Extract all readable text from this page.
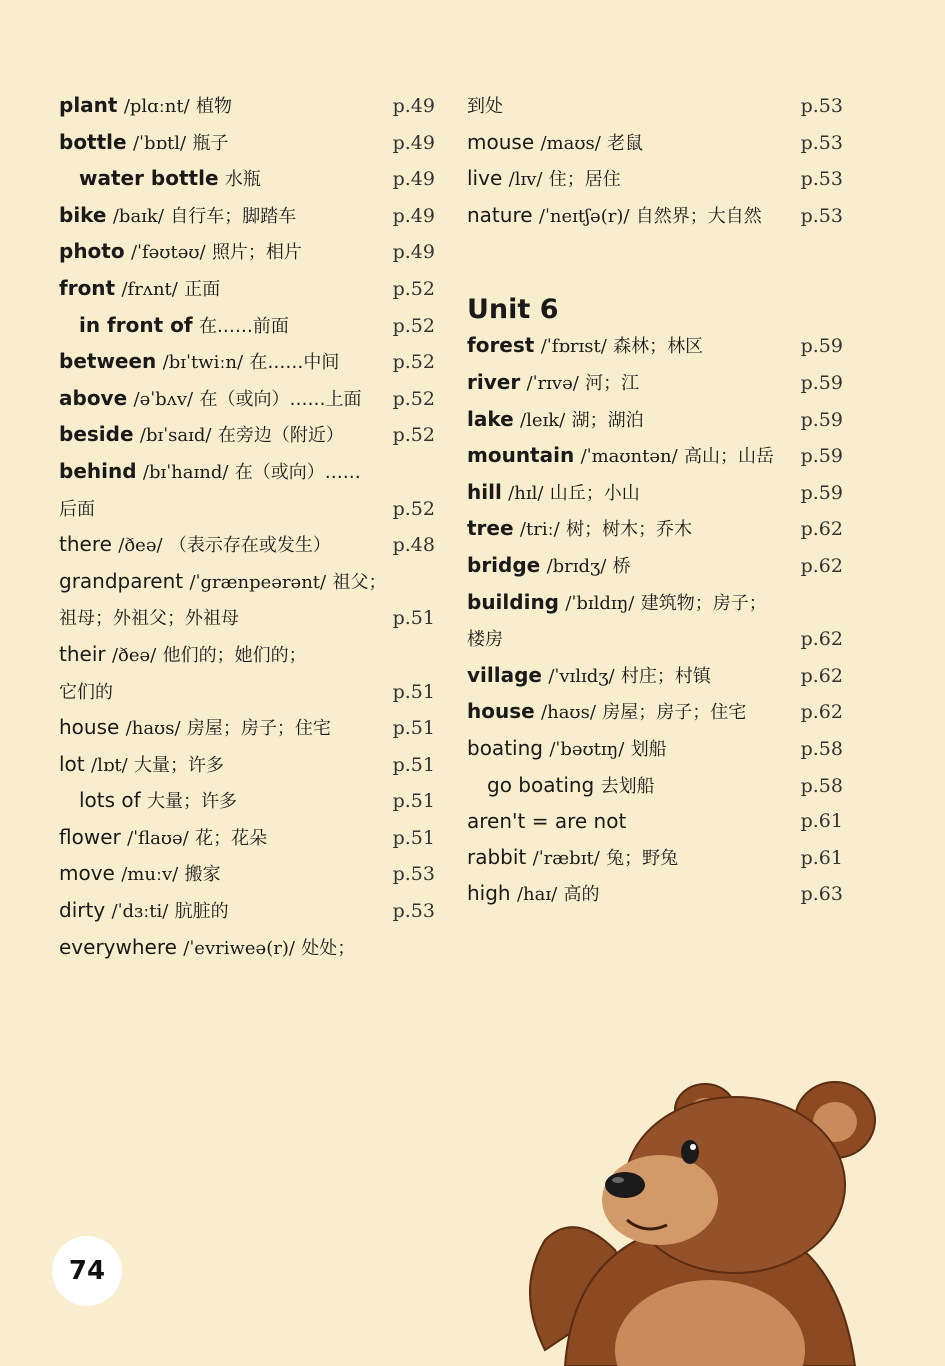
plant /plɑːnt/ 植物	p.49
bottle /ˈbɒtl/ 瓶子	p.49
water bottle 水瓶	p.49
bike /baɪk/ 自行车；脚踏车	p.49
photo /ˈfəʊtəʊ/ 照片；相片	p.49
front /frʌnt/ 正面	p.52
in front of 在……前面	p.52
between /bɪˈtwiːn/ 在……中间	p.52
above /əˈbʌv/ 在（或向）……上面	p.52
beside /bɪˈsaɪd/ 在旁边（附近）	p.52
behind /bɪˈhaɪnd/ 在（或向）……
后面	p.52
there /ðeə/ （表示存在或发生）	p.48
grandparent /ˈgrænpeərənt/ 祖父；
祖母；外祖父；外祖母	p.51
their /ðeə/ 他们的；她们的；
它们的	p.51
house /haʊs/ 房屋；房子；住宅	p.51
lot /lɒt/ 大量；许多	p.51
lots of 大量；许多	p.51
flower /ˈflaʊə/ 花；花朵	p.51
move /muːv/ 搬家	p.53
dirty /ˈdɜːti/ 肮脏的	p.53
everywhere /ˈevriweə(r)/ 处处；
到处	p.53
mouse /maʊs/ 老鼠	p.53
live /lɪv/ 住；居住	p.53
nature /ˈneɪtʃə(r)/ 自然界；大自然	p.53
Unit 6
forest /ˈfɒrɪst/ 森林；林区	p.59
river /ˈrɪvə/ 河；江	p.59
lake /leɪk/ 湖；湖泊	p.59
mountain /ˈmaʊntən/ 高山；山岳	p.59
hill /hɪl/ 山丘；小山	p.59
tree /triː/ 树；树木；乔木	p.62
bridge /brɪdʒ/ 桥	p.62
building /ˈbɪldɪŋ/ 建筑物；房子；
楼房	p.62
village /ˈvɪlɪdʒ/ 村庄；村镇	p.62
house /haʊs/ 房屋；房子；住宅	p.62
boating /ˈbəʊtɪŋ/ 划船	p.58
go boating 去划船	p.58
aren't = are not	p.61
rabbit /ˈræbɪt/ 兔；野兔	p.61
high /haɪ/ 高的	p.63
74
